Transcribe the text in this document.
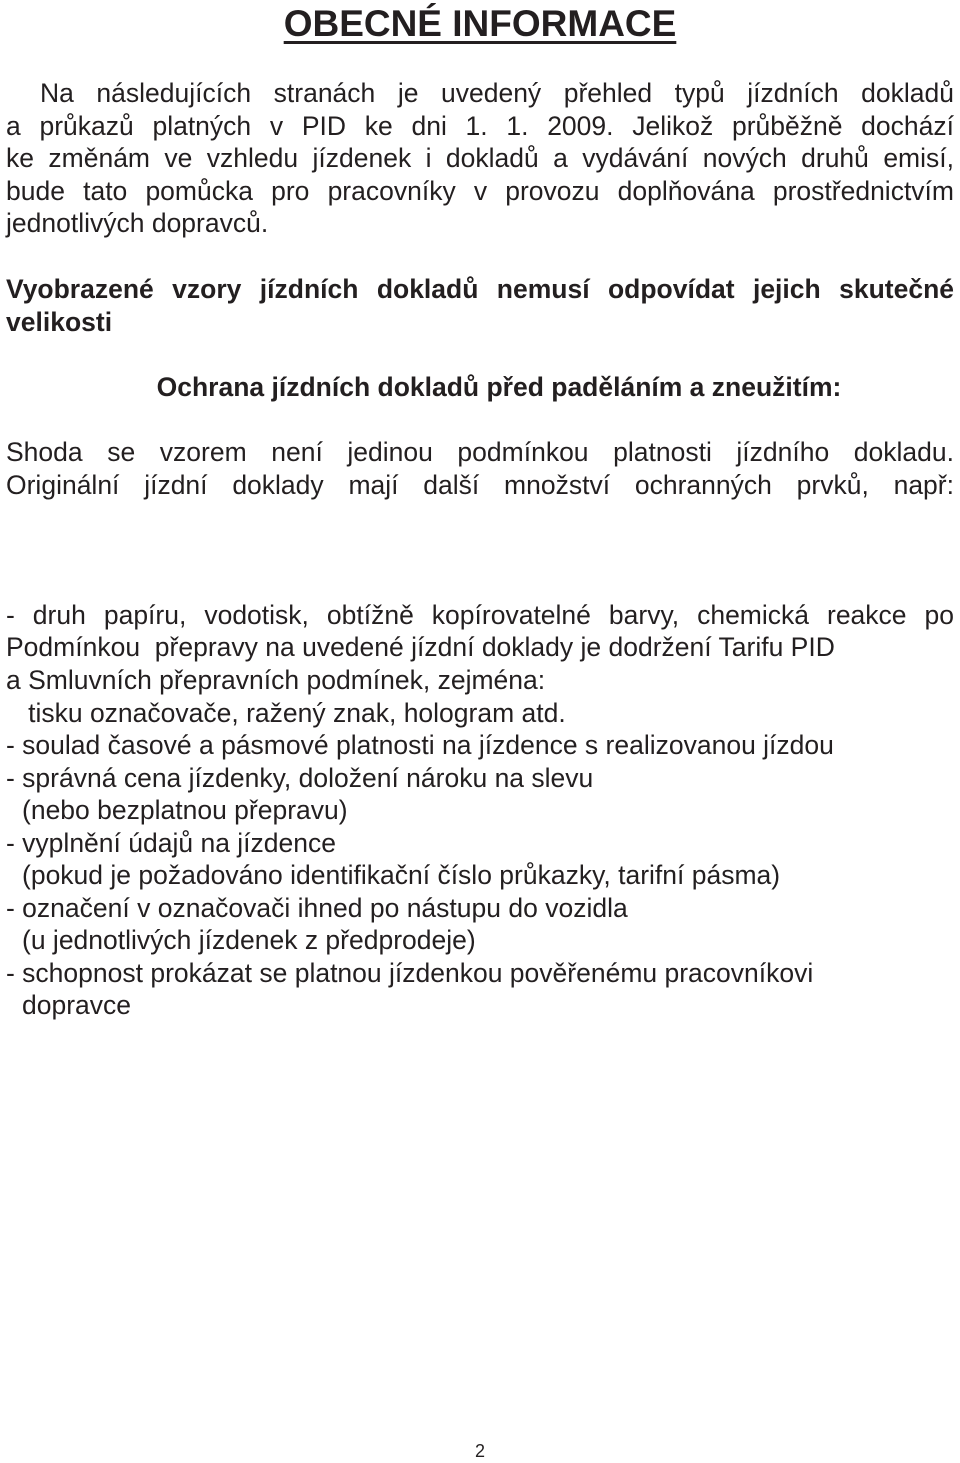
OBECNÉ INFORMACE
Na následujících stranách je uvedený přehled typů jízdních dokladů
a průkazů platných v PID ke dni 1. 1. 2009. Jelikož průběžně dochází
ke změnám ve vzhledu jízdenek i dokladů a vydávání nových druhů emisí,
bude tato pomůcka pro pracovníky v provozu doplňována prostřednictvím
jednotlivých dopravců.
Vyobrazené vzory jízdních dokladů nemusí odpovídat jejich skutečné
velikosti
Ochrana jízdních dokladů před paděláním a zneužitím:
Shoda se vzorem není jedinou podmínkou platnosti jízdního dokladu.
Originální jízdní doklady mají další množství ochranných prvků, např:

- druh papíru, vodotisk, obtížně kopírovatelné barvy, chemická reakce po

tisku označovače, ražený znak, hologram atd.

Podmínkou  přepravy na uvedené jízdní doklady je dodržení Tarifu PID
a Smluvních přepravních podmínek, zejména:
- soulad časové a pásmové platnosti na jízdence s realizovanou jízdou
- správná cena jízdenky, doložení nároku na slevu
(nebo bezplatnou přepravu)
- vyplnění údajů na jízdence
(pokud je požadováno identifikační číslo průkazky, tarifní pásma)
- označení v označovači ihned po nástupu do vozidla
(u jednotlivých jízdenek z předprodeje)
- schopnost prokázat se platnou jízdenkou pověřenému pracovníkovi
dopravce
2
